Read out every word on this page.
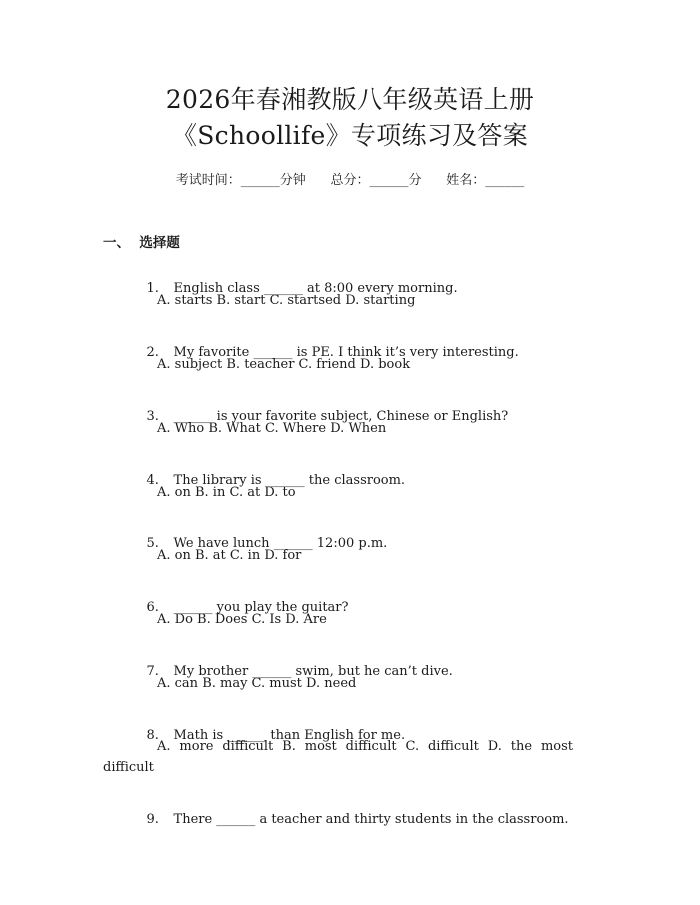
2026年春湘教版八年级英语上册
《Schoollife》专项练习及答案
考试时间：______分钟      总分：______分      姓名：______
一、  选择题

1. English class ______ at 8:00 every morning.

A. starts B. start C. startsed D. starting

2. My favorite ______ is PE. I think it’s very interesting.

A. subject B. teacher C. friend D. book

3. ______ is your favorite subject, Chinese or English?

A. Who B. What C. Where D. When

4. The library is ______ the classroom.

A. on B. in C. at D. to

5. We have lunch ______ 12:00 p.m.

A. on B. at C. in D. for

6. ______ you play the guitar?

A. Do B. Does C. Is D. Are

7. My brother ______ swim, but he can’t dive.

A. can B. may C. must D. need

8. Math is ______ than English for me.

A. more difficult B. most difficult C. difficult D. the most difficult

9. There ______ a teacher and thirty students in the classroom.
